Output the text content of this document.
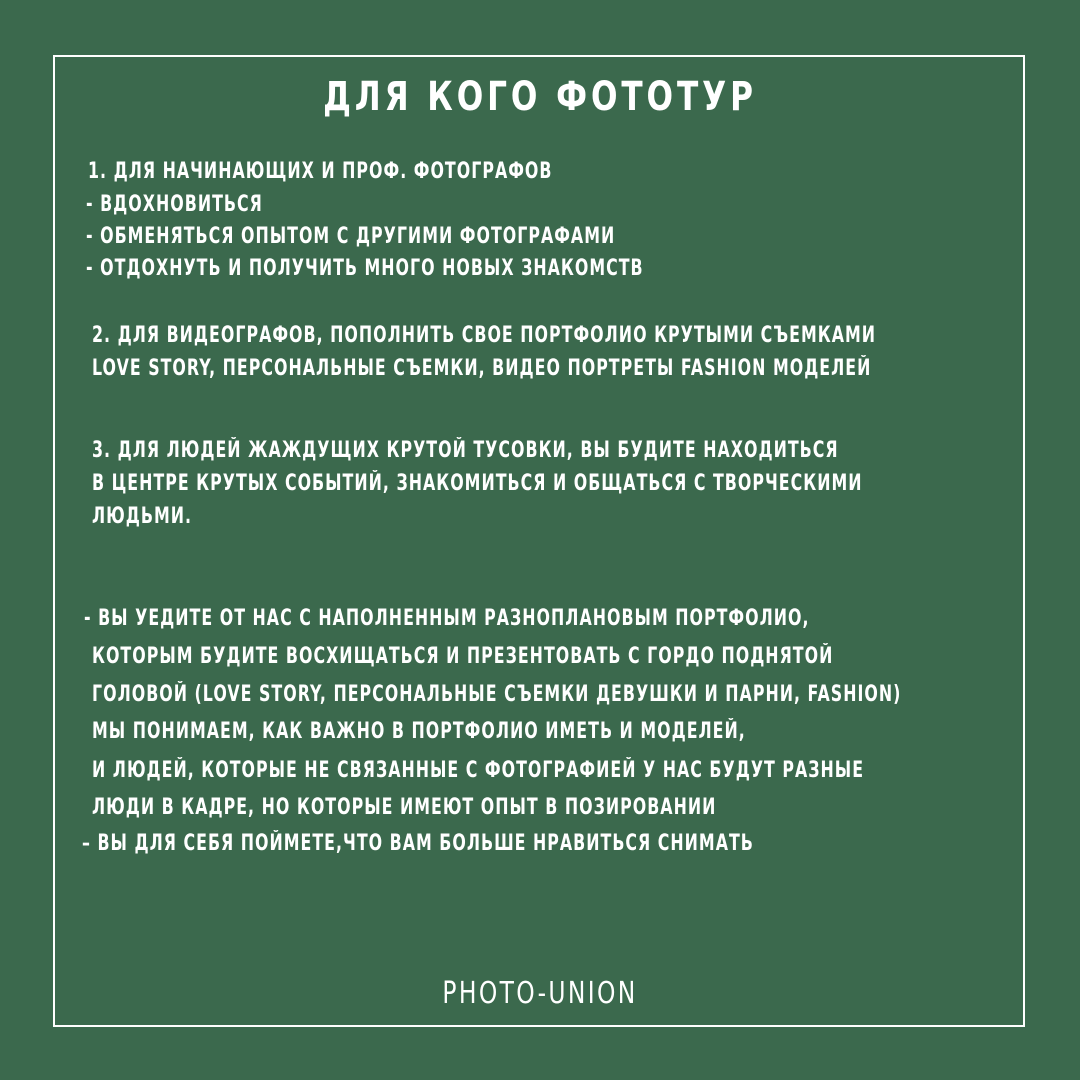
ДЛЯ КОГО ФОТОТУР
1. ДЛЯ НАЧИНАЮЩИХ И ПРОФ. ФОТОГРАФОВ
- ВДОХНОВИТЬСЯ
- ОБМЕНЯТЬСЯ ОПЫТОМ С ДРУГИМИ ФОТОГРАФАМИ
- ОТДОХНУТЬ И ПОЛУЧИТЬ МНОГО НОВЫХ ЗНАКОМСТВ
2. ДЛЯ ВИДЕОГРАФОВ, ПОПОЛНИТЬ СВОЕ ПОРТФОЛИО КРУТЫМИ СЪЕМКАМИ
LOVE STORY, ПЕРСОНАЛЬНЫЕ СЪЕМКИ, ВИДЕО ПОРТРЕТЫ FASHION МОДЕЛЕЙ
3. ДЛЯ ЛЮДЕЙ ЖАЖДУЩИХ КРУТОЙ ТУСОВКИ, ВЫ БУДИТЕ НАХОДИТЬСЯ
В ЦЕНТРЕ КРУТЫХ СОБЫТИЙ, ЗНАКОМИТЬСЯ И ОБЩАТЬСЯ С ТВОРЧЕСКИМИ
ЛЮДЬМИ.
- ВЫ УЕДИТЕ ОТ НАС С НАПОЛНЕННЫМ РАЗНОПЛАНОВЫМ ПОРТФОЛИО,
КОТОРЫМ БУДИТЕ ВОСХИЩАТЬСЯ И ПРЕЗЕНТОВАТЬ С ГОРДО ПОДНЯТОЙ
ГОЛОВОЙ (LOVE STORY, ПЕРСОНАЛЬНЫЕ СЪЕМКИ ДЕВУШКИ И ПАРНИ, FASHION)
МЫ ПОНИМАЕМ, КАК ВАЖНО В ПОРТФОЛИО ИМЕТЬ И МОДЕЛЕЙ,
И ЛЮДЕЙ, КОТОРЫЕ НЕ СВЯЗАННЫЕ С ФОТОГРАФИЕЙ У НАС БУДУТ РАЗНЫЕ
ЛЮДИ В КАДРЕ, НО КОТОРЫЕ ИМЕЮТ ОПЫТ В ПОЗИРОВАНИИ
– ВЫ ДЛЯ СЕБЯ ПОЙМЕТЕ,ЧТО ВАМ БОЛЬШЕ НРАВИТЬСЯ СНИМАТЬ
PHOTO-UNION
